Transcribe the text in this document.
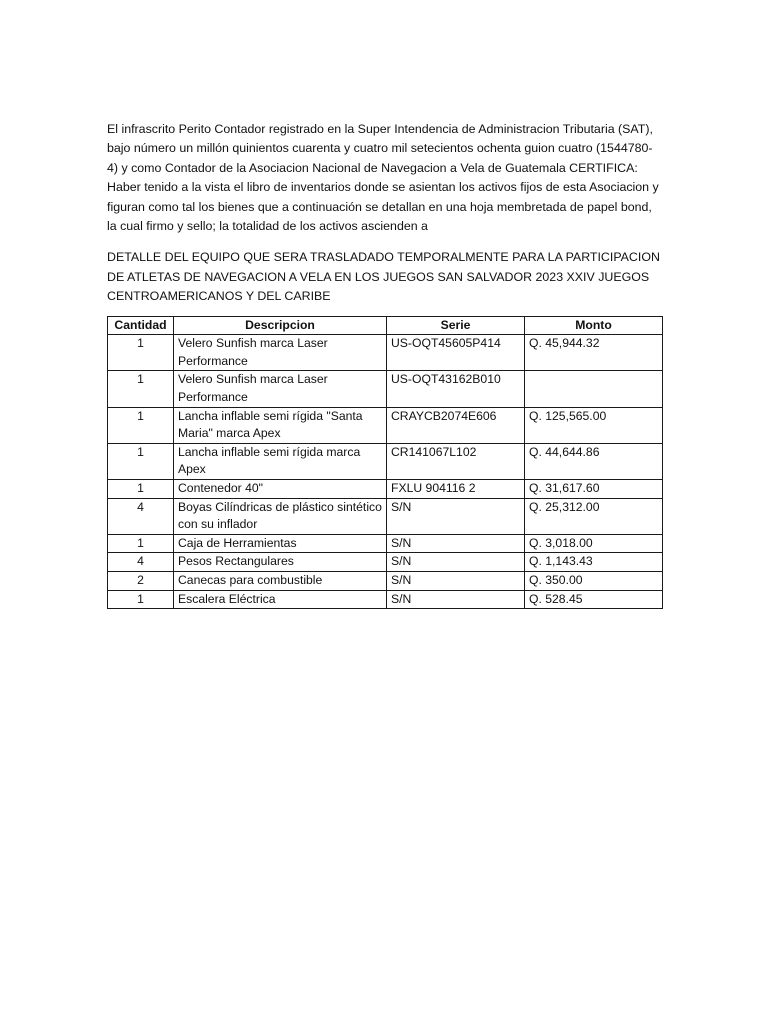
El infrascrito Perito Contador registrado en la Super Intendencia de Administracion Tributaria (SAT), bajo número un millón quinientos cuarenta y cuatro mil setecientos ochenta guion cuatro (1544780-4) y como Contador de la Asociacion Nacional de Navegacion a Vela de Guatemala CERTIFICA: Haber tenido a la vista el libro de inventarios donde se asientan los activos fijos de esta Asociacion y figuran como tal los bienes que a continuación se detallan en una hoja membretada de papel bond, la cual firmo y sello; la totalidad de los activos ascienden a

DETALLE DEL EQUIPO QUE SERA TRASLADADO TEMPORALMENTE PARA LA PARTICIPACION DE ATLETAS DE NAVEGACION A VELA EN LOS JUEGOS SAN SALVADOR 2023 XXIV JUEGOS CENTROAMERICANOS Y DEL CARIBE

Cantidad	Descripcion	Serie	Monto
1	Velero Sunfish marca Laser Performance	US-OQT45605P414	Q. 45,944.32
1	Velero Sunfish marca Laser Performance	US-OQT43162B010	
1	Lancha inflable semi rígida "Santa Maria" marca Apex	CRAYCB2074E606	Q. 125,565.00
1	Lancha inflable semi rígida marca Apex	CR141067L102	Q. 44,644.86
1	Contenedor 40"	FXLU 904116 2	Q. 31,617.60
4	Boyas Cilíndricas de plástico sintético con su inflador	S/N	Q. 25,312.00
1	Caja de Herramientas	S/N	Q. 3,018.00
4	Pesos Rectangulares	S/N	Q. 1,143.43
2	Canecas para combustible	S/N	Q. 350.00
1	Escalera Eléctrica	S/N	Q. 528.45
